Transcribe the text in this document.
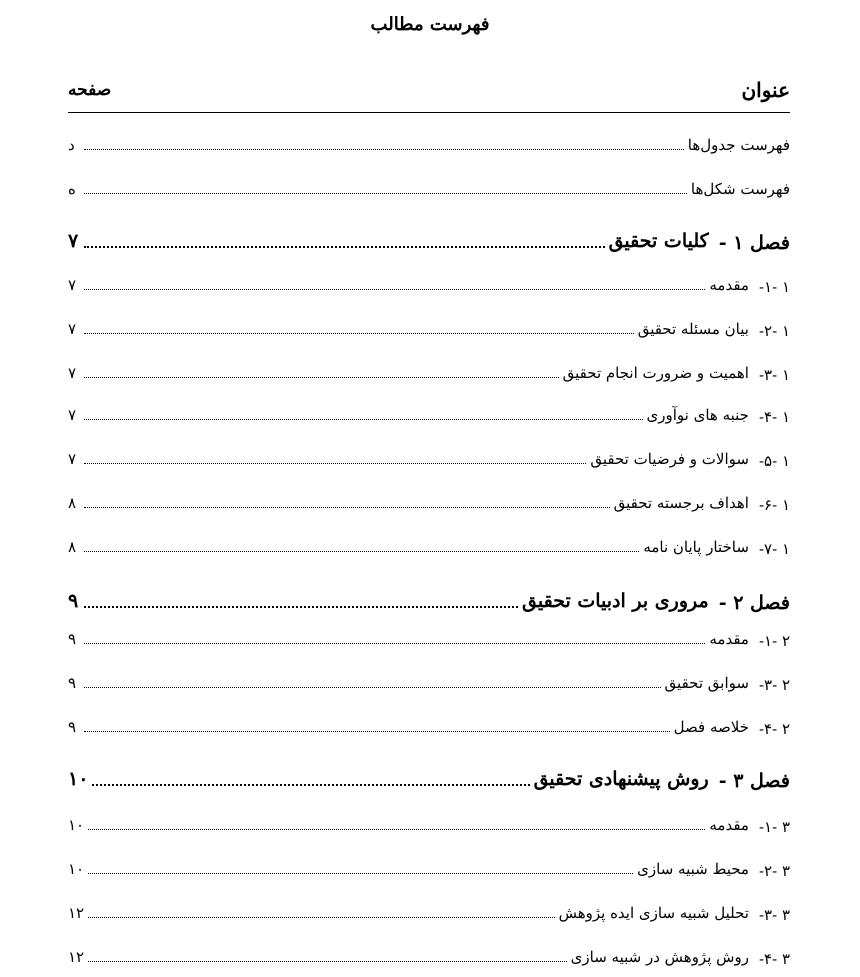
فهرست مطالب
عنوان
صفحه
فهرست جدول‌ها
د
فهرست شکل‌ها
ه
فصل ۱ -
کلیات تحقیق
۷
۱ -۱-
مقدمه
۷
۱ -۲-
بیان مسئله تحقیق
۷
۱ -۳-
اهمیت و ضرورت انجام تحقیق
۷
۱ -۴-
جنبه های نوآوری
۷
۱ -۵-
سوالات و فرضیات تحقیق
۷
۱ -۶-
اهداف برجسته تحقیق
۸
۱ -۷-
ساختار پایان نامه
۸
فصل ۲ -
مروری بر ادبیات تحقیق
۹
۲ -۱-
مقدمه
۹
۲ -۳-
سوابق تحقیق
۹
۲ -۴-
خلاصه فصل
۹
فصل ۳ -
روش پیشنهادی تحقیق
۱۰
۳ -۱-
مقدمه
۱۰
۳ -۲-
محیط شبیه سازی
۱۰
۳ -۳-
تحلیل شبیه سازی ایده پژوهش
۱۲
۳ -۴-
روش پژوهش در شبیه سازی
۱۲
